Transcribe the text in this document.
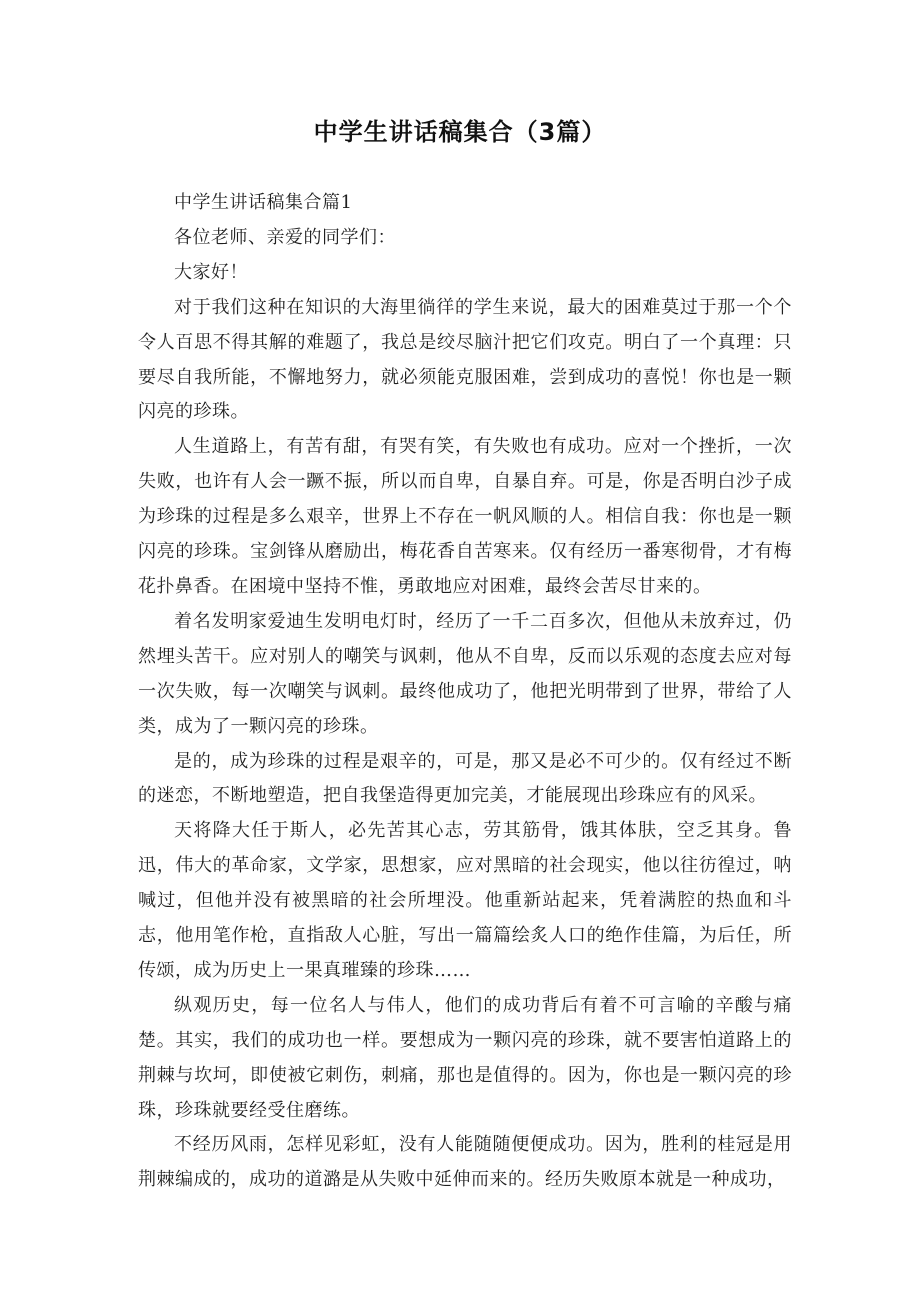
中学生讲话稿集合（3篇）

中学生讲话稿集合篇1

各位老师、亲爱的同学们：

大家好！

对于我们这种在知识的大海里徜徉的学生来说，最大的困难莫过于那一个个令人百思不得其解的难题了，我总是绞尽脑汁把它们攻克。明白了一个真理：只要尽自我所能，不懈地努力，就必须能克服困难，尝到成功的喜悦！你也是一颗闪亮的珍珠。

人生道路上，有苦有甜，有哭有笑，有失败也有成功。应对一个挫折，一次失败，也许有人会一蹶不振，所以而自卑，自暴自弃。可是，你是否明白沙子成为珍珠的过程是多么艰辛，世界上不存在一帆风顺的人。相信自我：你也是一颗闪亮的珍珠。宝剑锋从磨励出，梅花香自苦寒来。仅有经历一番寒彻骨，才有梅花扑鼻香。在困境中坚持不惟，勇敢地应对困难，最终会苦尽甘来的。

着名发明家爱迪生发明电灯时，经历了一千二百多次，但他从未放弃过，仍然埋头苦干。应对别人的嘲笑与讽刺，他从不自卑，反而以乐观的态度去应对每一次失败，每一次嘲笑与讽刺。最终他成功了，他把光明带到了世界，带给了人类，成为了一颗闪亮的珍珠。

是的，成为珍珠的过程是艰辛的，可是，那又是必不可少的。仅有经过不断的迷恋，不断地塑造，把自我堡造得更加完美，才能展现出珍珠应有的风采。

天将降大任于斯人，必先苦其心志，劳其筋骨，饿其体肤，空乏其身。鲁迅，伟大的革命家，文学家，思想家，应对黑暗的社会现实，他以往彷徨过，呐喊过，但他并没有被黑暗的社会所埋没。他重新站起来，凭着满腔的热血和斗志，他用笔作枪，直指敌人心脏，写出一篇篇绘炙人口的绝作佳篇，为后任，所传颂，成为历史上一果真璀臻的珍珠……

纵观历史，每一位名人与伟人，他们的成功背后有着不可言喻的辛酸与痛楚。其实，我们的成功也一样。要想成为一颗闪亮的珍珠，就不要害怕道路上的荆棘与坎坷，即使被它刺伤，刺痛，那也是值得的。因为，你也是一颗闪亮的珍珠，珍珠就要经受住磨练。

不经历风雨，怎样见彩虹，没有人能随随便便成功。因为，胜利的桂冠是用荆棘编成的，成功的道潞是从失败中延伸而来的。经历失败原本就是一种成功，
